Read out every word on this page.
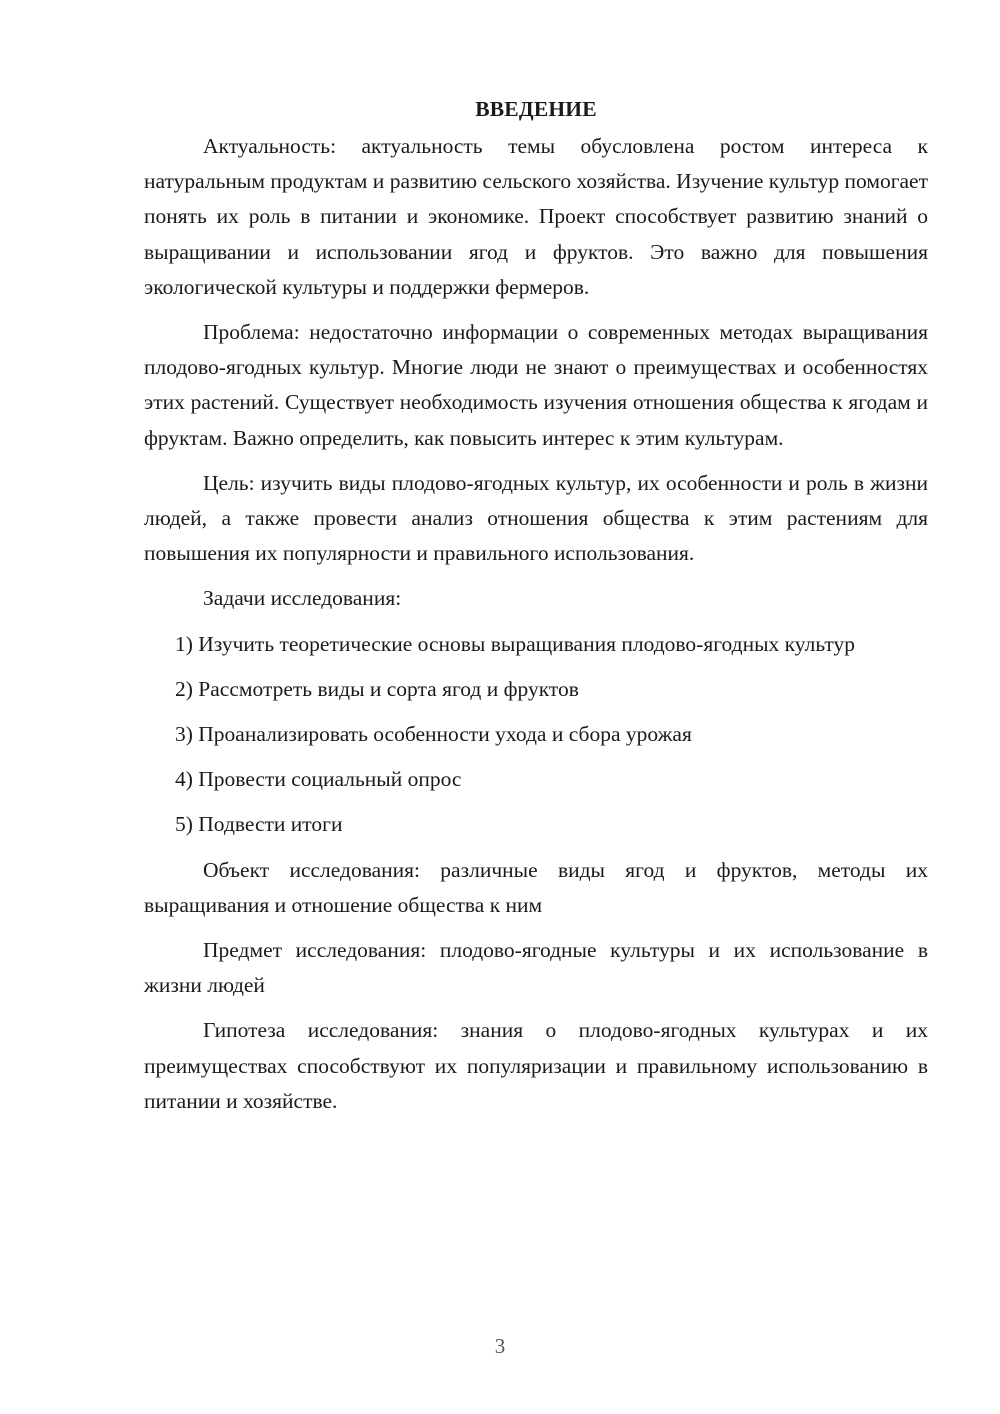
ВВЕДЕНИЕ

Актуальность: актуальность темы обусловлена ростом интереса к натуральным продуктам и развитию сельского хозяйства. Изучение культур помогает понять их роль в питании и экономике. Проект способствует развитию знаний о выращивании и использовании ягод и фруктов. Это важно для повышения экологической культуры и поддержки фермеров.

Проблема: недостаточно информации о современных методах выращивания плодово-ягодных культур. Многие люди не знают о преимуществах и особенностях этих растений. Существует необходимость изучения отношения общества к ягодам и фруктам. Важно определить, как повысить интерес к этим культурам.

Цель: изучить виды плодово-ягодных культур, их особенности и роль в жизни людей, а также провести анализ отношения общества к этим растениям для повышения их популярности и правильного использования.

Задачи исследования:

1) Изучить теоретические основы выращивания плодово-ягодных культур

2) Рассмотреть виды и сорта ягод и фруктов

3) Проанализировать особенности ухода и сбора урожая

4) Провести социальный опрос

5) Подвести итоги

Объект исследования: различные виды ягод и фруктов, методы их выращивания и отношение общества к ним

Предмет исследования: плодово-ягодные культуры и их использование в жизни людей

Гипотеза исследования: знания о плодово-ягодных культурах и их преимуществах способствуют их популяризации и правильному использованию в питании и хозяйстве.

3
